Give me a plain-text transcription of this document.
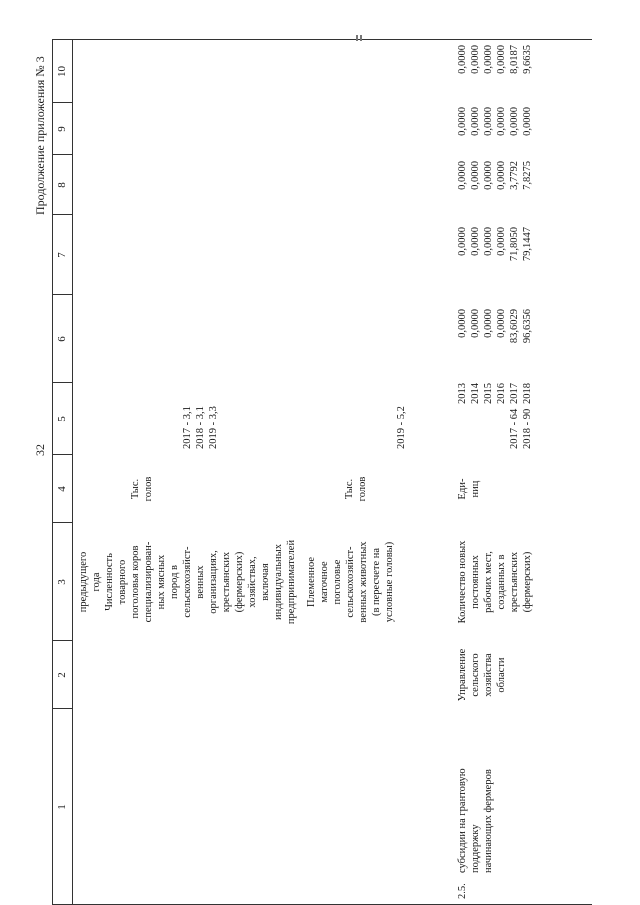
32
Продолжение приложения № 3
1
2
3
4
5
6
7
8
9
10
предыдущего года Численность товарного поголовья коров специализирован- ных мясных пород в сельскохозяйст- венных организациях, крестьянских (фермерских) хозяйствах, включая индивидуальных предпринимателей
Тыс. голов
2017 - 3,1 2018 - 3,1 2019 - 3,3
Племенное маточное поголовье сельскохозяйст- венных животных (в пересчете на условные головы)
Тыс. голов
2019 - 5,2
2.5.
субсидии на грантовую поддержку начинающих фермеров
Управление сельского хозяйства области
Количество новых постоянных рабочих мест, созданных в крестьянских (фермерских)
Еди- ниц
2017 - 64 2018 - 90
2013 2014 2015 2016 2017 2018
0,0000 0,0000 0,0000 0,0000 83,6029 96,6356
0,0000 0,0000 0,0000 0,0000 71,8050 79,1447
0,0000 0,0000 0,0000 0,0000 3,7792 7,8275
0,0000 0,0000 0,0000 0,0000 0,0000 0,0000
0,0000 0,0000 0,0000 0,0000 8,0187 9,6635
